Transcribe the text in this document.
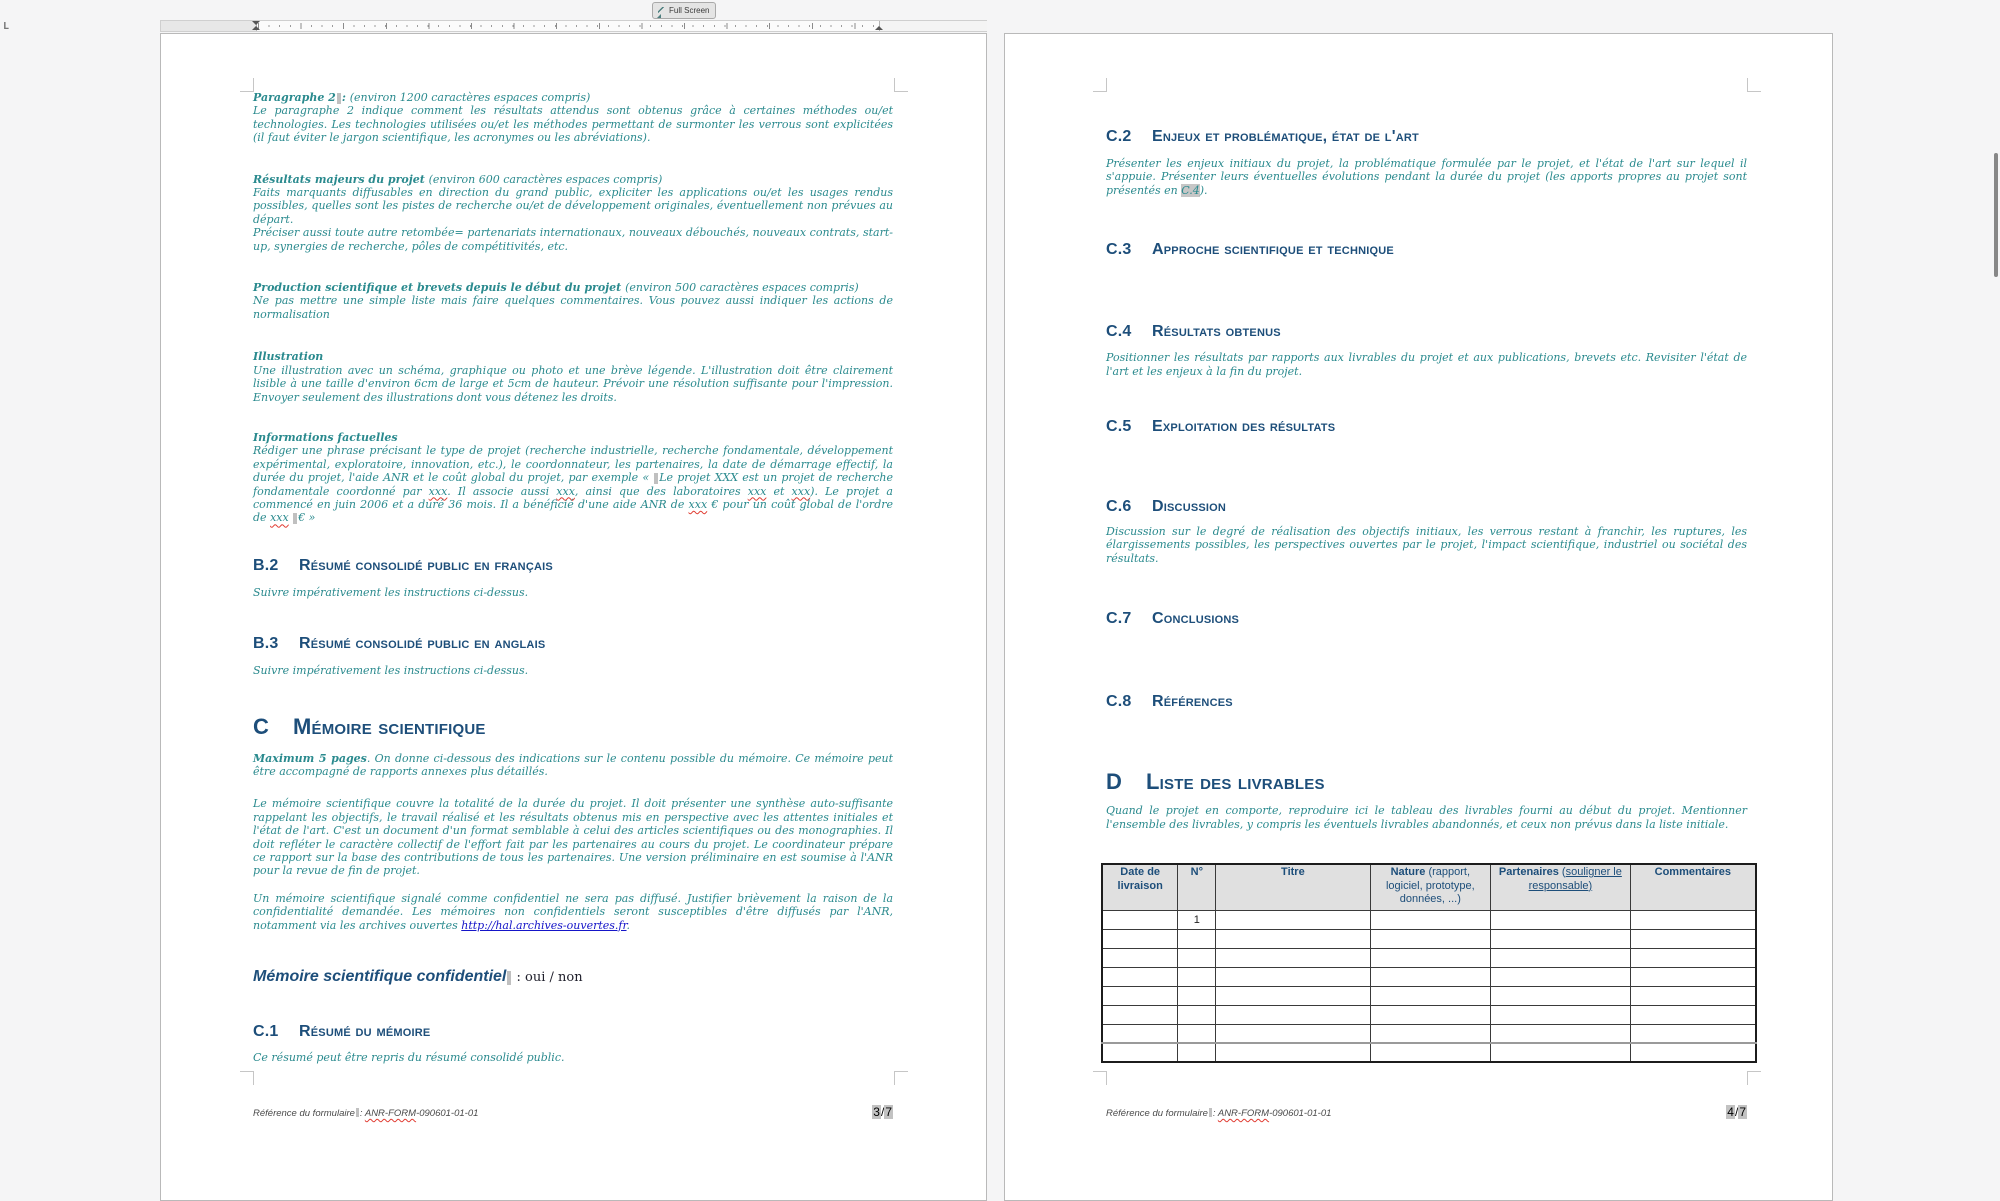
L
Full Screen

Paragraphe 2 : (environ 1200 caractères espaces compris)

Le paragraphe 2 indique comment les résultats attendus sont obtenus grâce à certaines méthodes ou/et technologies. Les technologies utilisées ou/et les méthodes permettant de surmonter les verrous sont explicitées (il faut éviter le jargon scientifique, les acronymes ou les abréviations).

Résultats majeurs du projet (environ 600 caractères espaces compris)

Faits marquants diffusables en direction du grand public, expliciter les applications ou/et les usages rendus possibles, quelles sont les pistes de recherche ou/et de développement originales, éventuellement non prévues au départ.

Préciser aussi toute autre retombée= partenariats internationaux, nouveaux débouchés, nouveaux contrats, start-up, synergies de recherche, pôles de compétitivités, etc.

Production scientifique et brevets depuis le début du projet (environ 500 caractères espaces compris)

Ne pas mettre une simple liste mais faire quelques commentaires. Vous pouvez aussi indiquer les actions de normalisation

Illustration

Une illustration avec un schéma, graphique ou photo et une brève légende. L'illustration doit être clairement lisible à une taille d'environ 6cm de large et 5cm de hauteur. Prévoir une résolution suffisante pour l'impression. Envoyer seulement des illustrations dont vous détenez les droits.

Informations factuelles

Rédiger une phrase précisant le type de projet (recherche industrielle, recherche fondamentale, développement expérimental, exploratoire, innovation, etc.), le coordonnateur, les partenaires, la date de démarrage effectif, la durée du projet, l'aide ANR et le coût global du projet, par exemple « Le projet XXX est un projet de recherche fondamentale coordonné par xxx. Il associe aussi xxx, ainsi que des laboratoires xxx et xxx). Le projet a commencé en juin 2006 et a duré 36 mois. Il a bénéficié d'une aide ANR de xxx € pour un coût global de l'ordre de xxx € »

B.2 Résumé consolidé public en français

Suivre impérativement les instructions ci-dessus.

B.3 Résumé consolidé public en anglais

Suivre impérativement les instructions ci-dessus.

C Mémoire scientifique

Maximum 5 pages. On donne ci-dessous des indications sur le contenu possible du mémoire. Ce mémoire peut être accompagné de rapports annexes plus détaillés.

Le mémoire scientifique couvre la totalité de la durée du projet. Il doit présenter une synthèse auto-suffisante rappelant les objectifs, le travail réalisé et les résultats obtenus mis en perspective avec les attentes initiales et l'état de l'art. C'est un document d'un format semblable à celui des articles scientifiques ou des monographies. Il doit refléter le caractère collectif de l'effort fait par les partenaires au cours du projet. Le coordinateur prépare ce rapport sur la base des contributions de tous les partenaires. Une version préliminaire en est soumise à l'ANR pour la revue de fin de projet.

Un mémoire scientifique signalé comme confidentiel ne sera pas diffusé. Justifier brièvement la raison de la confidentialité demandée. Les mémoires non confidentiels seront susceptibles d'être diffusés par l'ANR, notamment via les archives ouvertes http://hal.archives-ouvertes.fr.

Mémoire scientifique confidentiel : oui / non

C.1 Résumé du mémoire

Ce résumé peut être repris du résumé consolidé public.

Référence du formulaire : ANR-FORM-090601-01-01	3/7
C.2 Enjeux et problématique, état de l'art

Présenter les enjeux initiaux du projet, la problématique formulée par le projet, et l'état de l'art sur lequel il s'appuie. Présenter leurs éventuelles évolutions pendant la durée du projet (les apports propres au projet sont présentés en C.4).

C.3 Approche scientifique et technique
C.4 Résultats obtenus

Positionner les résultats par rapports aux livrables du projet et aux publications, brevets etc. Revisiter l'état de l'art et les enjeux à la fin du projet.

C.5 Exploitation des résultats
C.6 Discussion

Discussion sur le degré de réalisation des objectifs initiaux, les verrous restant à franchir, les ruptures, les élargissements possibles, les perspectives ouvertes par le projet, l'impact scientifique, industriel ou sociétal des résultats.

C.7 Conclusions
C.8 Références
D Liste des livrables

Quand le projet en comporte, reproduire ici le tableau des livrables fourni au début du projet. Mentionner l'ensemble des livrables, y compris les éventuels livrables abandonnés, et ceux non prévus dans la liste initiale.

Date de livraison	N°	Titre	Nature (rapport, logiciel, prototype, données, ...)	Partenaires (souligner le responsable)	Commentaires
	1				

Référence du formulaire : ANR-FORM-090601-01-01	4/7
